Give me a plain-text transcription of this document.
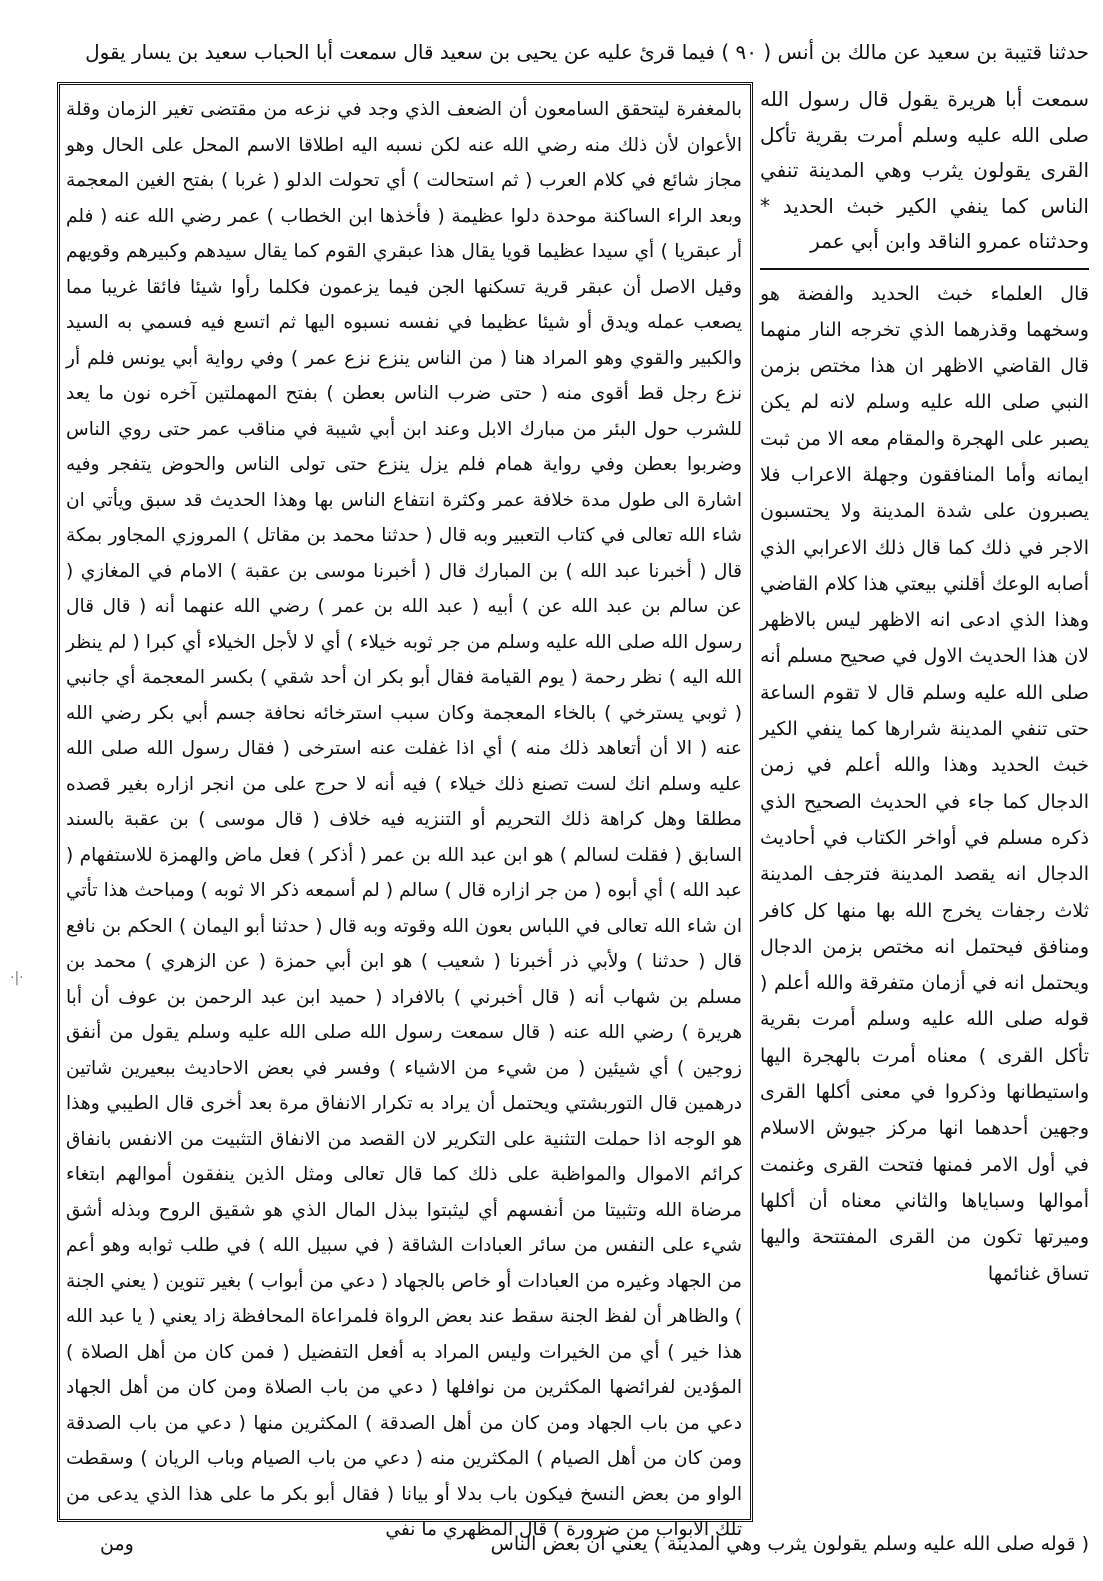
حدثنا قتيبة بن سعيد عن مالك بن أنس ( ٩٠ ) فيما قرئ عليه عن يحيى بن سعيد قال سمعت أبا الحباب سعيد بن يسار يقول

بالمغفرة ليتحقق السامعون أن الضعف الذي وجد في نزعه من مقتضى تغير الزمان وقلة الأعوان لأن ذلك منه رضي الله عنه لكن نسبه اليه اطلاقا الاسم المحل على الحال وهو مجاز شائع في كلام العرب ( ثم استحالت ) أي تحولت الدلو ( غربا ) بفتح الغين المعجمة وبعد الراء الساكنة موحدة دلوا عظيمة ( فأخذها ابن الخطاب ) عمر رضي الله عنه ( فلم أر عبقريا ) أي سيدا عظيما قويا يقال هذا عبقري القوم كما يقال سيدهم وكبيرهم وقويهم وقيل الاصل أن عبقر قرية تسكنها الجن فيما يزعمون فكلما رأوا شيئا فائقا غريبا مما يصعب عمله ويدق أو شيئا عظيما في نفسه نسبوه اليها ثم اتسع فيه فسمي به السيد والكبير والقوي وهو المراد هنا ( من الناس ينزع نزع عمر ) وفي رواية أبي يونس فلم أر نزع رجل قط أقوى منه ( حتى ضرب الناس بعطن ) بفتح المهملتين آخره نون ما يعد للشرب حول البئر من مبارك الابل وعند ابن أبي شيبة في مناقب عمر حتى روي الناس وضربوا بعطن وفي رواية همام فلم يزل ينزع حتى تولى الناس والحوض يتفجر وفيه اشارة الى طول مدة خلافة عمر وكثرة انتفاع الناس بها وهذا الحديث قد سبق ويأتي ان شاء الله تعالى في كتاب التعبير وبه قال ( حدثنا محمد بن مقاتل ) المروزي المجاور بمكة قال ( أخبرنا عبد الله ) بن المبارك قال ( أخبرنا موسى بن عقبة ) الامام في المغازي ( عن سالم بن عبد الله عن ) أبيه ( عبد الله بن عمر ) رضي الله عنهما أنه ( قال قال رسول الله صلى الله عليه وسلم من جر ثوبه خيلاء ) أي لا لأجل الخيلاء أي كبرا ( لم ينظر الله اليه ) نظر رحمة ( يوم القيامة فقال أبو بكر ان أحد شقي ) بكسر المعجمة أي جانبي ( ثوبي يسترخي ) بالخاء المعجمة وكان سبب استرخائه نحافة جسم أبي بكر رضي الله عنه ( الا أن أتعاهد ذلك منه ) أي اذا غفلت عنه استرخى ( فقال رسول الله صلى الله عليه وسلم انك لست تصنع ذلك خيلاء ) فيه أنه لا حرج على من انجر ازاره بغير قصده مطلقا وهل كراهة ذلك التحريم أو التنزيه فيه خلاف ( قال موسى ) بن عقبة بالسند السابق ( فقلت لسالم ) هو ابن عبد الله بن عمر ( أذكر ) فعل ماض والهمزة للاستفهام ( عبد الله ) أي أبوه ( من جر ازاره قال ) سالم ( لم أسمعه ذكر الا ثوبه ) ومباحث هذا تأتي ان شاء الله تعالى في اللباس بعون الله وقوته وبه قال ( حدثنا أبو اليمان ) الحكم بن نافع قال ( حدثنا ) ولأبي ذر أخبرنا ( شعيب ) هو ابن أبي حمزة ( عن الزهري ) محمد بن مسلم بن شهاب أنه ( قال أخبرني ) بالافراد ( حميد ابن عبد الرحمن بن عوف أن أبا هريرة ) رضي الله عنه ( قال سمعت رسول الله صلى الله عليه وسلم يقول من أنفق زوجين ) أي شيئين ( من شيء من الاشياء ) وفسر في بعض الاحاديث ببعيرين شاتين درهمين قال التوربشتي ويحتمل أن يراد به تكرار الانفاق مرة بعد أخرى قال الطيبي وهذا هو الوجه اذا حملت التثنية على التكرير لان القصد من الانفاق التثبيت من الانفس بانفاق كرائم الاموال والمواظبة على ذلك كما قال تعالى ومثل الذين ينفقون أموالهم ابتغاء مرضاة الله وتثبيتا من أنفسهم أي ليثبتوا ببذل المال الذي هو شقيق الروح وبذله أشق شيء على النفس من سائر العبادات الشاقة ( في سبيل الله ) في طلب ثوابه وهو أعم من الجهاد وغيره من العبادات أو خاص بالجهاد ( دعي من أبواب ) بغير تنوين ( يعني الجنة ) والظاهر أن لفظ الجنة سقط عند بعض الرواة فلمراعاة المحافظة زاد يعني ( يا عبد الله هذا خير ) أي من الخيرات وليس المراد به أفعل التفضيل ( فمن كان من أهل الصلاة ) المؤدين لفرائضها المكثرين من نوافلها ( دعي من باب الصلاة ومن كان من أهل الجهاد دعي من باب الجهاد ومن كان من أهل الصدقة ) المكثرين منها ( دعي من باب الصدقة ومن كان من أهل الصيام ) المكثرين منه ( دعي من باب الصيام وباب الريان ) وسقطت الواو من بعض النسخ فيكون باب بدلا أو بيانا ( فقال أبو بكر ما على هذا الذي يدعى من تلك الابواب من ضرورة ) قال المظهري ما نفي

سمعت أبا هريرة يقول قال رسول الله صلى الله عليه وسلم أمرت بقرية تأكل القرى يقولون يثرب وهي المدينة تنفي الناس كما ينفي الكير خبث الحديد * وحدثناه عمرو الناقد وابن أبي عمر
قال العلماء خبث الحديد والفضة هو وسخهما وقذرهما الذي تخرجه النار منهما قال القاضي الاظهر ان هذا مختص بزمن النبي صلى الله عليه وسلم لانه لم يكن يصبر على الهجرة والمقام معه الا من ثبت ايمانه وأما المنافقون وجهلة الاعراب فلا يصبرون على شدة المدينة ولا يحتسبون الاجر في ذلك كما قال ذلك الاعرابي الذي أصابه الوعك أقلني بيعتي هذا كلام القاضي وهذا الذي ادعى انه الاظهر ليس بالاظهر لان هذا الحديث الاول في صحيح مسلم أنه صلى الله عليه وسلم قال لا تقوم الساعة حتى تنفي المدينة شرارها كما ينفي الكير خبث الحديد وهذا والله أعلم في زمن الدجال كما جاء في الحديث الصحيح الذي ذكره مسلم في أواخر الكتاب في أحاديث الدجال انه يقصد المدينة فترجف المدينة ثلاث رجفات يخرج الله بها منها كل كافر ومنافق فيحتمل انه مختص بزمن الدجال ويحتمل انه في أزمان متفرقة والله أعلم ( قوله صلى الله عليه وسلم أمرت بقرية تأكل القرى ) معناه أمرت بالهجرة اليها واستيطانها وذكروا في معنى أكلها القرى وجهين أحدهما انها مركز جيوش الاسلام في أول الامر فمنها فتحت القرى وغنمت أموالها وسباياها والثاني معناه أن أكلها وميرتها تكون من القرى المفتتحة واليها تساق غنائمها
ومن	( قوله صلى الله عليه وسلم يقولون يثرب وهي المدينة ) يعني أن بعض الناس
·|·
